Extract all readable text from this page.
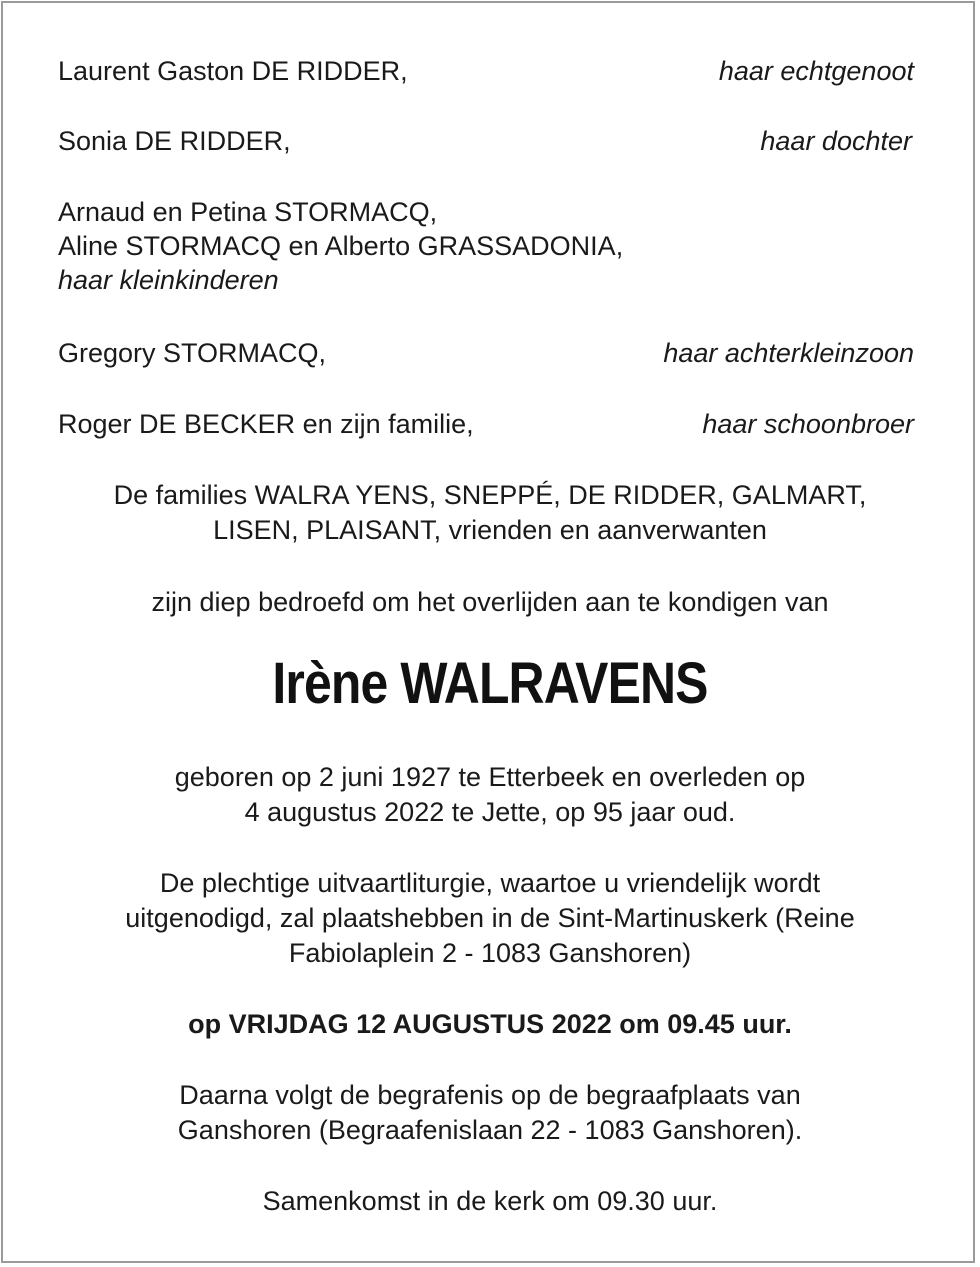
Laurent Gaston DE RIDDER,	haar echtgenoot
Sonia DE RIDDER,	haar dochter
Arnaud en Petina STORMACQ,
Aline STORMACQ en Alberto GRASSADONIA,
haar kleinkinderen
Gregory STORMACQ,	haar achterkleinzoon
Roger DE BECKER en zijn familie,	haar schoonbroer
De families WALRA YENS, SNEPPÉ, DE RIDDER, GALMART,
LISEN, PLAISANT, vrienden en aanverwanten
zijn diep bedroefd om het overlijden aan te kondigen van
Irène WALRAVENS
geboren op 2 juni 1927 te Etterbeek en overleden op
4 augustus 2022 te Jette, op 95 jaar oud.
De plechtige uitvaartliturgie, waartoe u vriendelijk wordt
uitgenodigd, zal plaatshebben in de Sint-Martinuskerk (Reine
Fabiolaplein 2 - 1083 Ganshoren)
op VRIJDAG 12 AUGUSTUS 2022 om 09.45 uur.
Daarna volgt de begrafenis op de begraafplaats van
Ganshoren (Begraafenislaan 22 - 1083 Ganshoren).
Samenkomst in de kerk om 09.30 uur.
